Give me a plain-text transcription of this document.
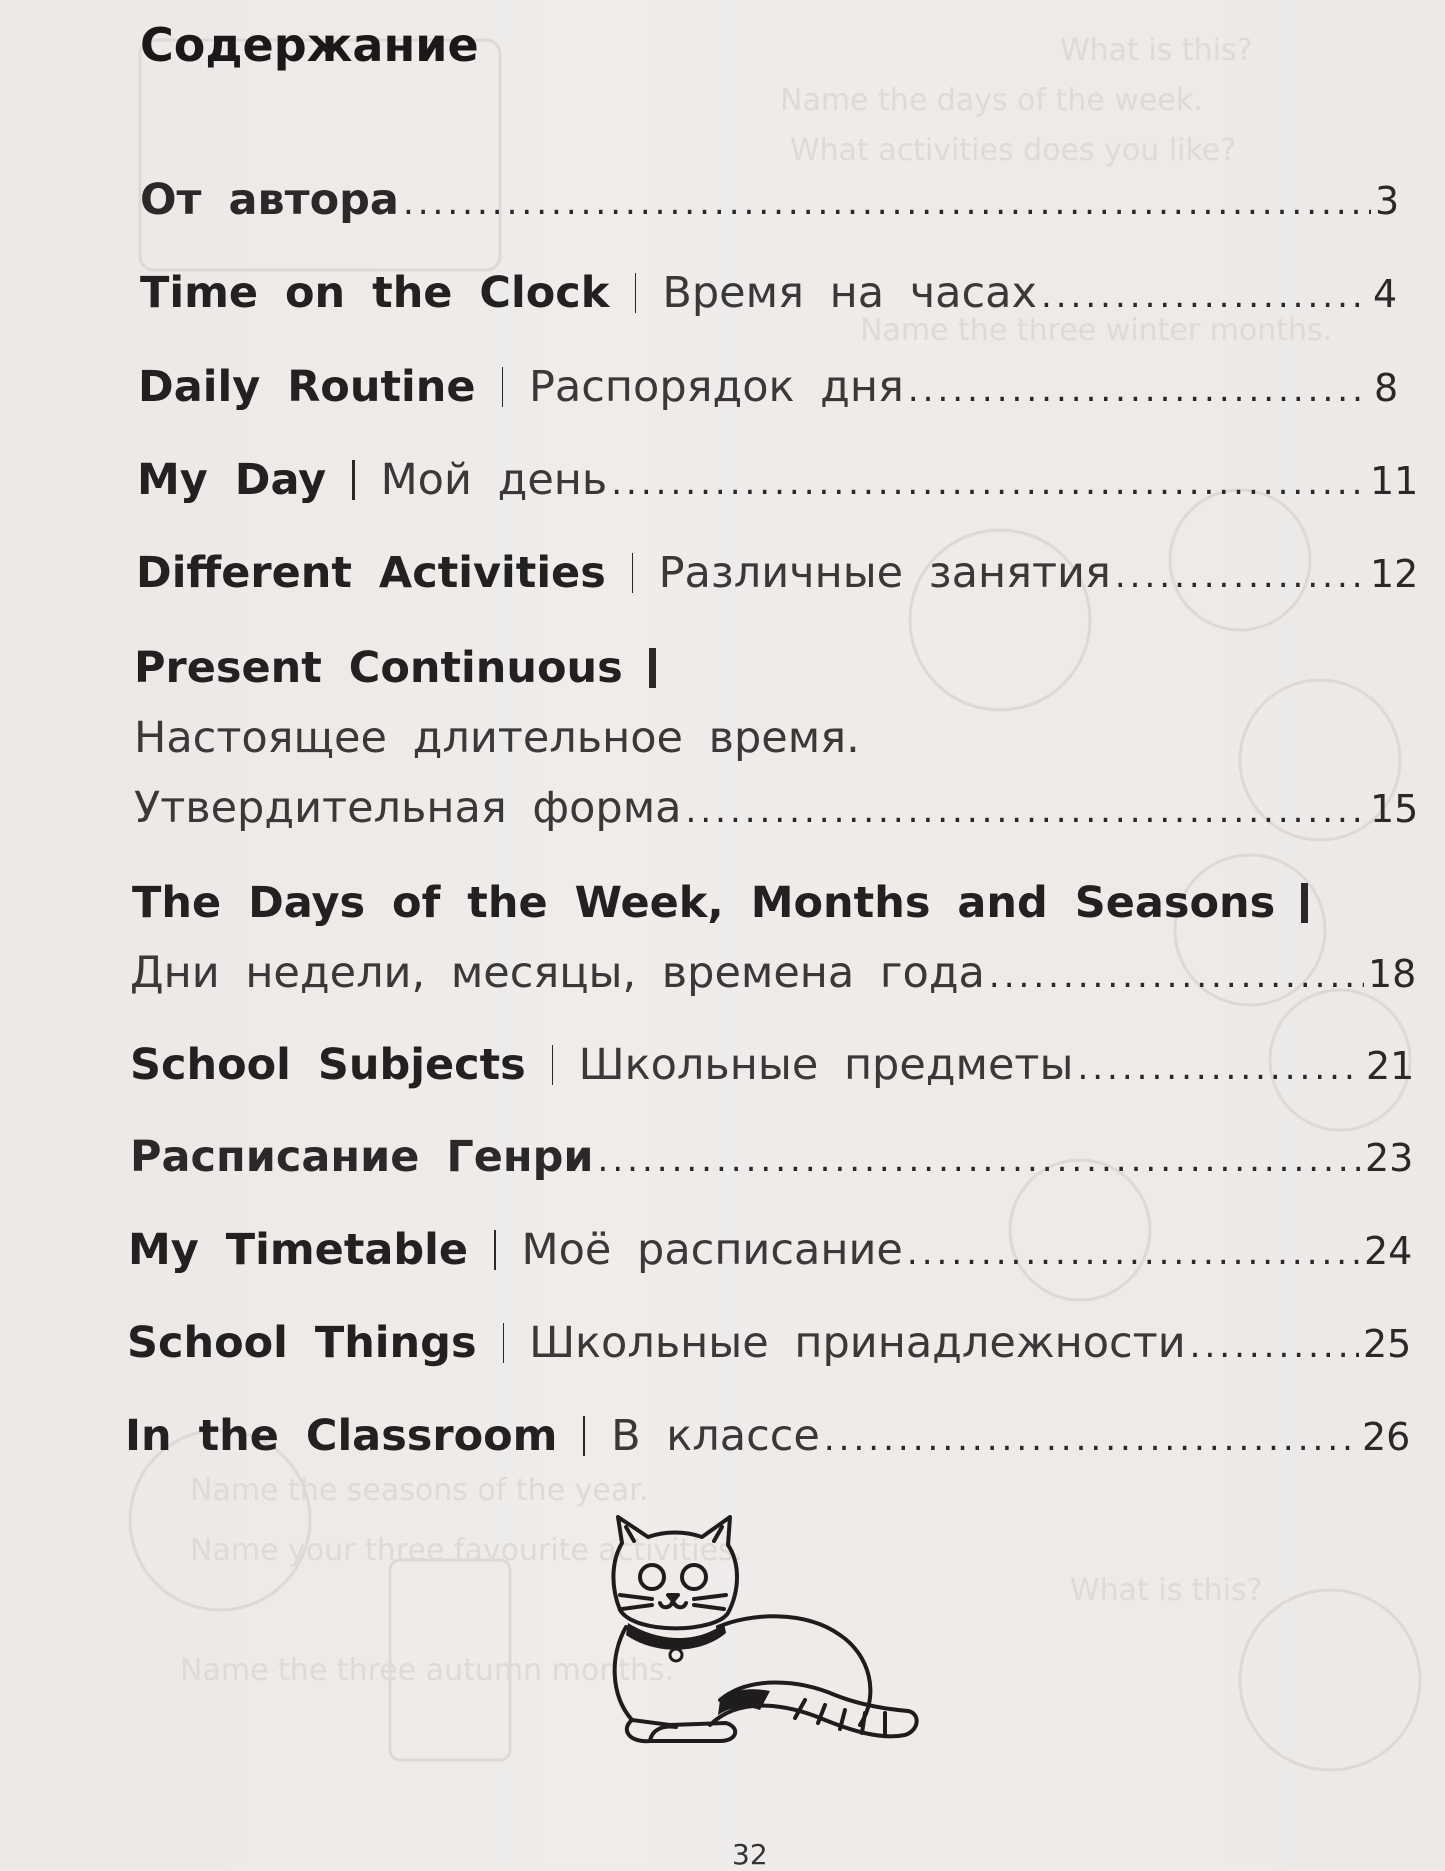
What is this?
Name the days of the week.
What activities does you like?
Name the three winter months.
Name the seasons of the year.
Name your three favourite activities.
What is this?
Name the three autumn months.
Содержание
От автора .....	3
Time on the Clock Время на часах .....	4
Daily Routine Распорядок дня .....	8
My Day Мой день .....	11
Different Activities Различные занятия .....	12
Present Continuous
Настоящее длительное время.
Утвердительная форма .....	15
The Days of the Week, Months and Seasons
Дни недели, месяцы, времена года .....	18
School Subjects Школьные предметы .....	21
Расписание Генри .....	23
My Timetable Моё расписание .....	24
School Things Школьные принадлежности .....	25
In the Classroom В классе .....	26
32
